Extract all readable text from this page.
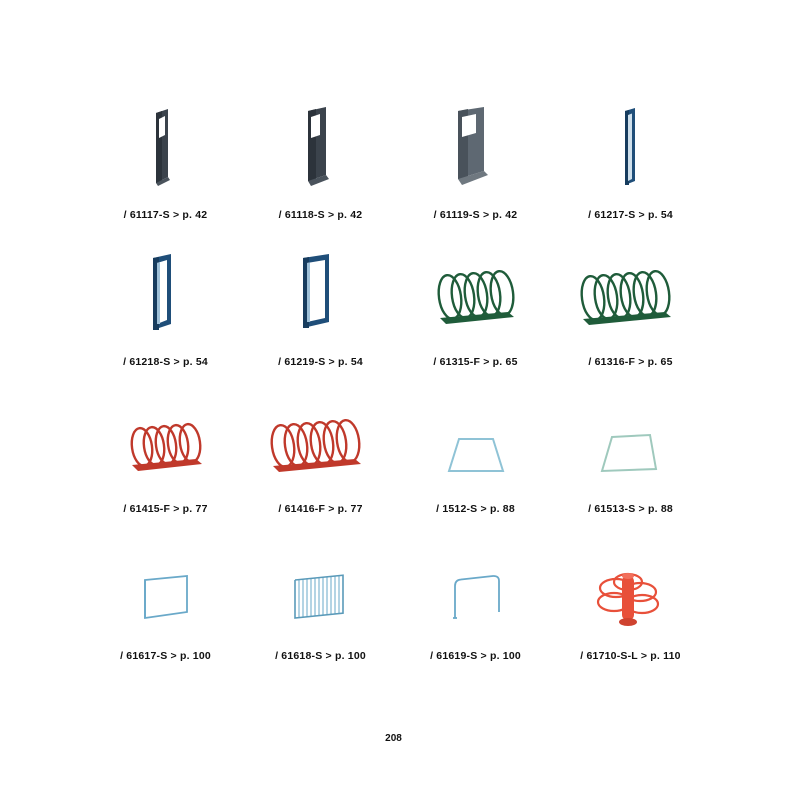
/ 61117-S > p. 42	/ 61118-S > p. 42	/ 61119-S > p. 42	/ 61217-S > p. 54
/ 61218-S > p. 54	/ 61219-S > p. 54	/ 61315-F > p. 65	/ 61316-F > p. 65
/ 61415-F > p. 77	/ 61416-F > p. 77	/ 1512-S > p. 88	/ 61513-S > p. 88
/ 61617-S > p. 100	/ 61618-S > p. 100	/ 61619-S > p. 100	/ 61710-S-L > p. 110
208
